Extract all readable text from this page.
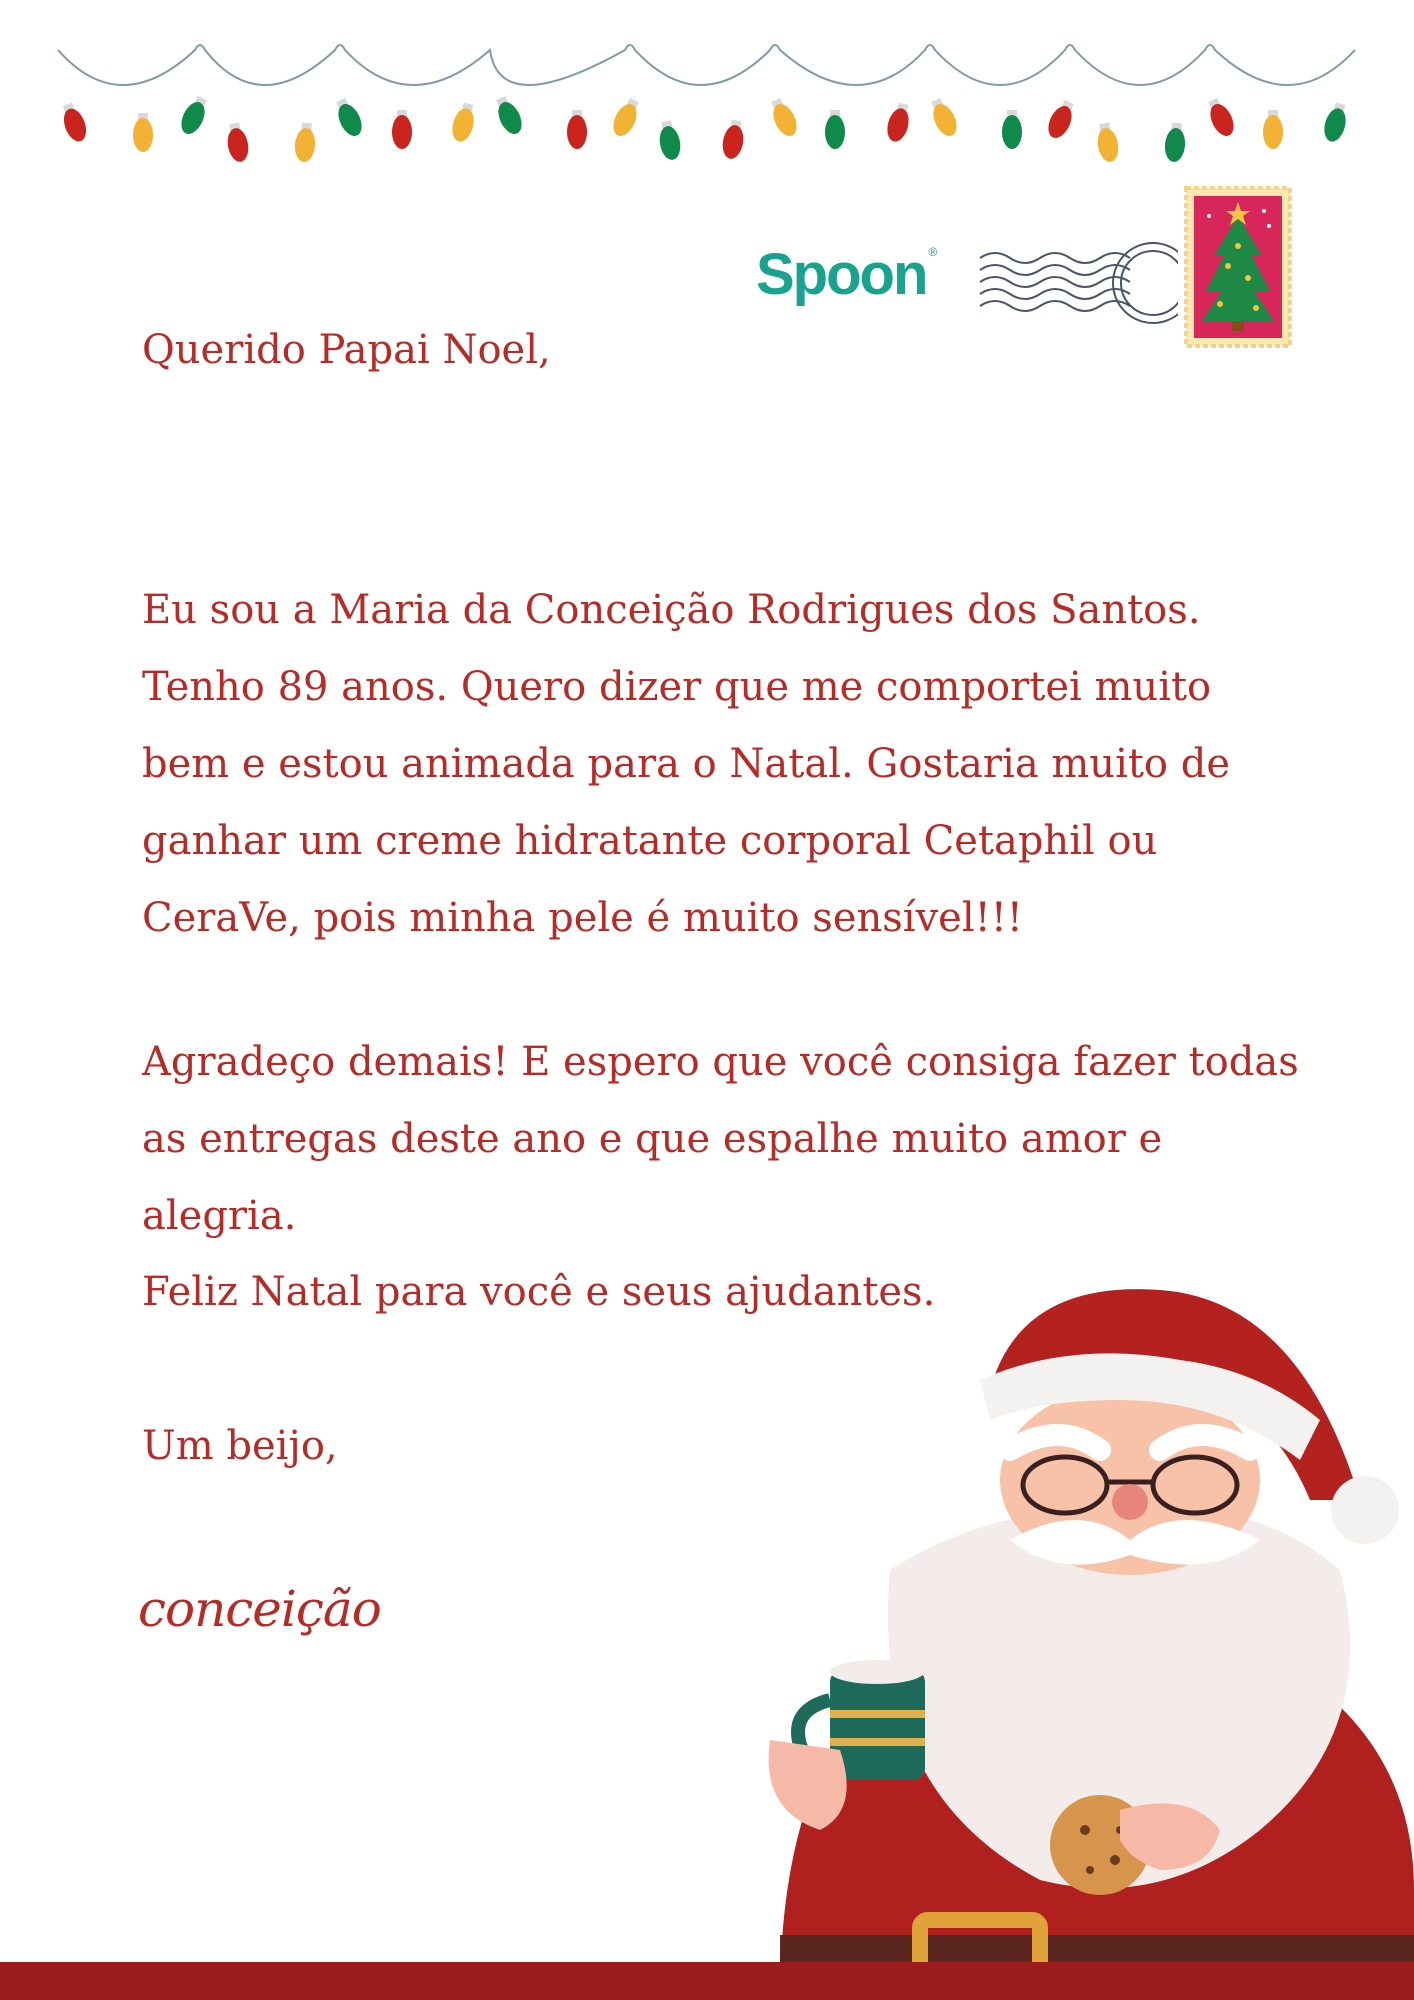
Spoon ®

Querido Papai Noel,

Eu sou a Maria da Conceição Rodrigues dos Santos. Tenho 89 anos. Quero dizer que me comportei muito bem e estou animada para o Natal. Gostaria muito de ganhar um creme hidratante corporal Cetaphil ou CeraVe, pois minha pele é muito sensível!!!

Agradeço demais! E espero que você consiga fazer todas as entregas deste ano e que espalhe muito amor e alegria.

Feliz Natal para você e seus ajudantes.

Um beijo,

conceição
